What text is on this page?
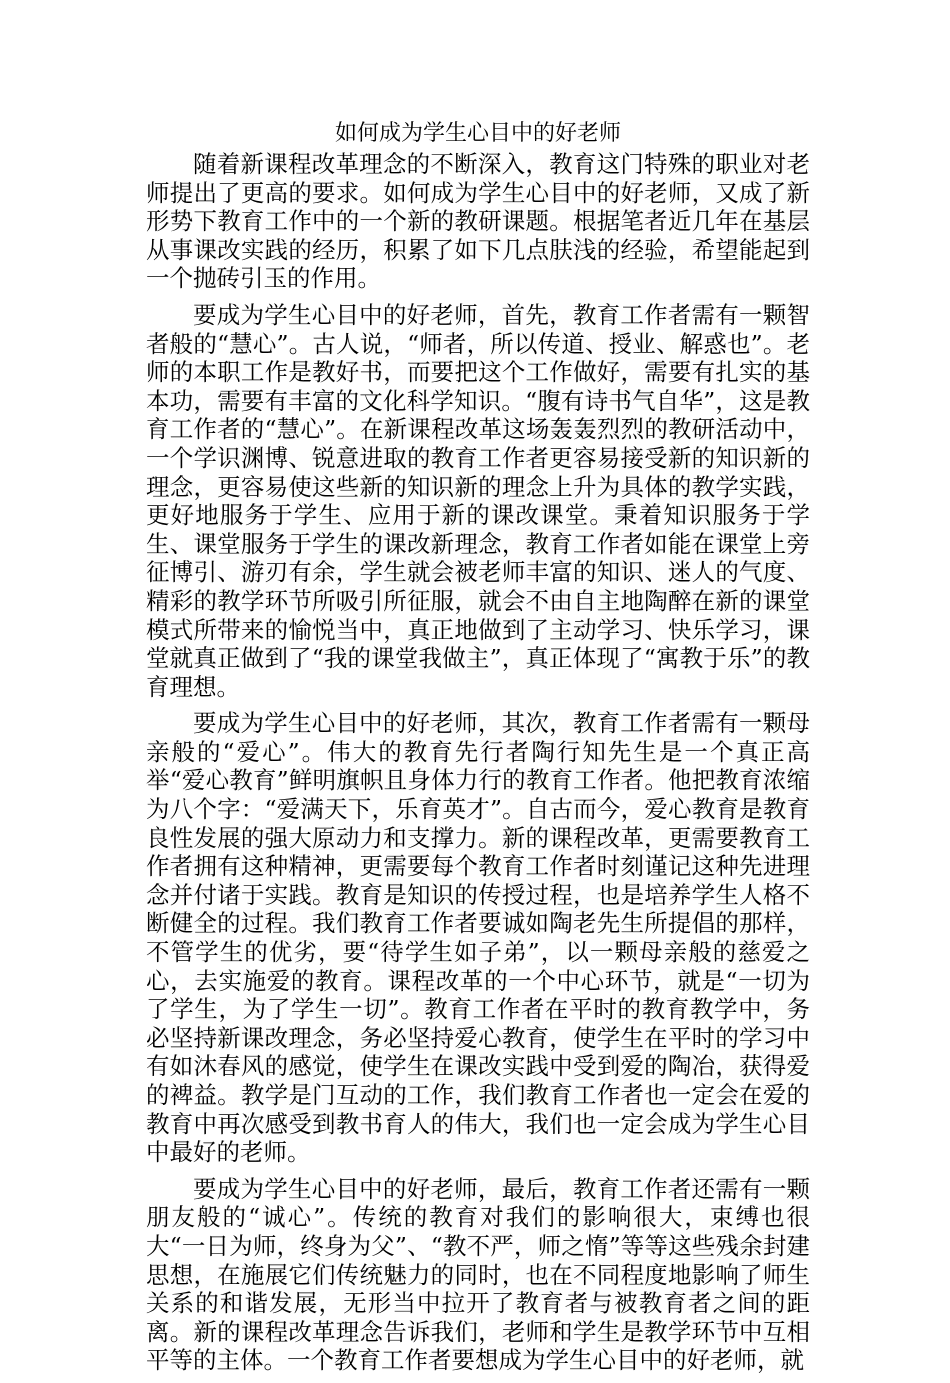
如何成为学生心目中的好老师

随着新课程改革理念的不断深入，教育这门特殊的职业对老师提出了更高的要求。如何成为学生心目中的好老师，又成了新形势下教育工作中的一个新的教研课题。根据笔者近几年在基层从事课改实践的经历，积累了如下几点肤浅的经验，希望能起到一个抛砖引玉的作用。

要成为学生心目中的好老师，首先，教育工作者需有一颗智者般的“慧心”。古人说，“师者，所以传道、授业、解惑也”。老师的本职工作是教好书，而要把这个工作做好，需要有扎实的基本功，需要有丰富的文化科学知识。“腹有诗书气自华”，这是教育工作者的“慧心”。在新课程改革这场轰轰烈烈的教研活动中，一个学识渊博、锐意进取的教育工作者更容易接受新的知识新的理念，更容易使这些新的知识新的理念上升为具体的教学实践，更好地服务于学生、应用于新的课改课堂。秉着知识服务于学生、课堂服务于学生的课改新理念，教育工作者如能在课堂上旁征博引、游刃有余，学生就会被老师丰富的知识、迷人的气度、精彩的教学环节所吸引所征服，就会不由自主地陶醉在新的课堂模式所带来的愉悦当中，真正地做到了主动学习、快乐学习，课堂就真正做到了“我的课堂我做主”，真正体现了“寓教于乐”的教育理想。

要成为学生心目中的好老师，其次，教育工作者需有一颗母亲般的“爱心”。伟大的教育先行者陶行知先生是一个真正高举“爱心教育”鲜明旗帜且身体力行的教育工作者。他把教育浓缩为八个字：“爱满天下，乐育英才”。自古而今，爱心教育是教育良性发展的强大原动力和支撑力。新的课程改革，更需要教育工作者拥有这种精神，更需要每个教育工作者时刻谨记这种先进理念并付诸于实践。教育是知识的传授过程，也是培养学生人格不断健全的过程。我们教育工作者要诚如陶老先生所提倡的那样，不管学生的优劣，要“待学生如子弟”，以一颗母亲般的慈爱之心，去实施爱的教育。课程改革的一个中心环节，就是“一切为了学生，为了学生一切”。教育工作者在平时的教育教学中，务必坚持新课改理念，务必坚持爱心教育，使学生在平时的学习中有如沐春风的感觉，使学生在课改实践中受到爱的陶冶，获得爱的裨益。教学是门互动的工作，我们教育工作者也一定会在爱的教育中再次感受到教书育人的伟大，我们也一定会成为学生心目中最好的老师。

要成为学生心目中的好老师，最后，教育工作者还需有一颗朋友般的“诚心”。传统的教育对我们的影响很大，束缚也很大“一日为师，终身为父”、“教不严，师之惰”等等这些残余封建思想，在施展它们传统魅力的同时，也在不同程度地影响了师生关系的和谐发展，无形当中拉开了教育者与被教育者之间的距离。新的课程改革理念告诉我们，老师和学生是教学环节中互相平等的主体。一个教育工作者要想成为学生心目中的好老师，就
